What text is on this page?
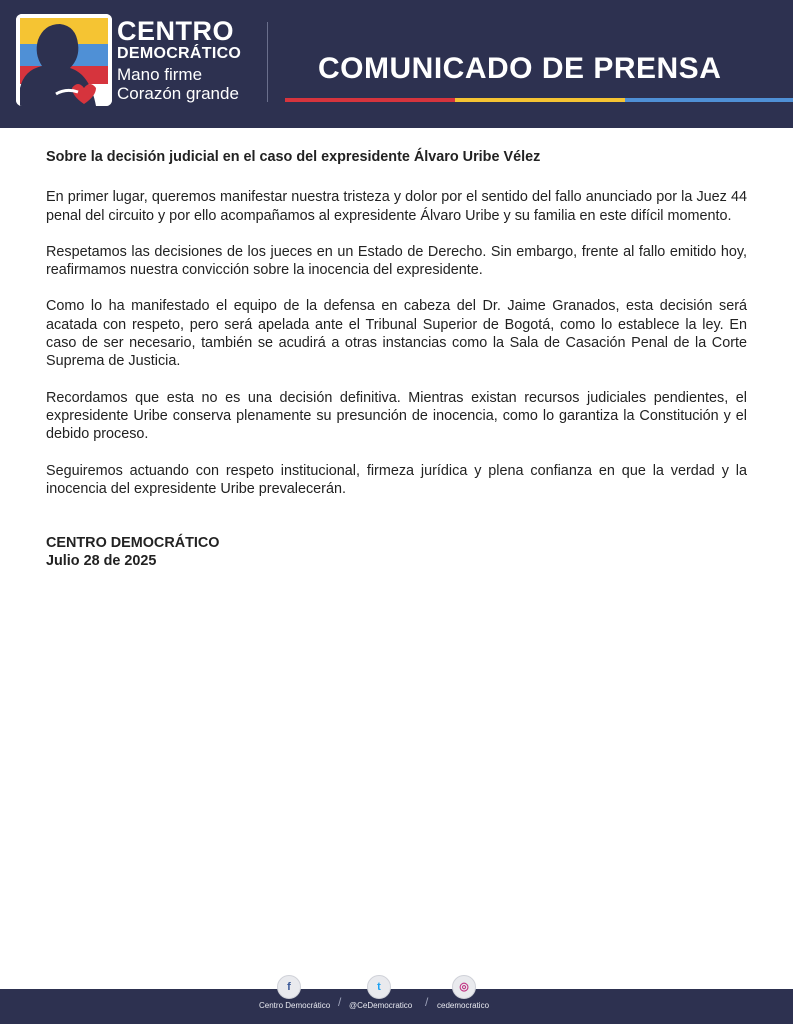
CENTRO
DEMOCRÁTICO
Mano firme
Corazón grande
COMUNICADO DE PRENSA

Sobre la decisión judicial en el caso del expresidente Álvaro Uribe Vélez

En primer lugar, queremos manifestar nuestra tristeza y dolor por el sentido del fallo anunciado por la Juez 44 penal del circuito y por ello acompañamos al expresidente Álvaro Uribe y su familia en este difícil momento.

Respetamos las decisiones de los jueces en un Estado de Derecho. Sin embargo, frente al fallo emitido hoy, reafirmamos nuestra convicción sobre la inocencia del expresidente.

Como lo ha manifestado el equipo de la defensa en cabeza del Dr. Jaime Granados, esta decisión será acatada con respeto, pero será apelada ante el Tribunal Superior de Bogotá, como lo establece la ley. En caso de ser necesario, también se acudirá a otras instancias como la Sala de Casación Penal de la Corte Suprema de Justicia.

Recordamos que esta no es una decisión definitiva. Mientras existan recursos judiciales pendientes, el expresidente Uribe conserva plenamente su presunción de inocencia, como lo garantiza la Constitución y el debido proceso.

Seguiremos actuando con respeto institucional, firmeza jurídica y plena confianza en que la verdad y la inocencia del expresidente Uribe prevalecerán.

CENTRO DEMOCRÁTICO

Julio 28 de 2025

f
Centro Democrático /
t
@CeDemocratico /
◎
cedemocratico
